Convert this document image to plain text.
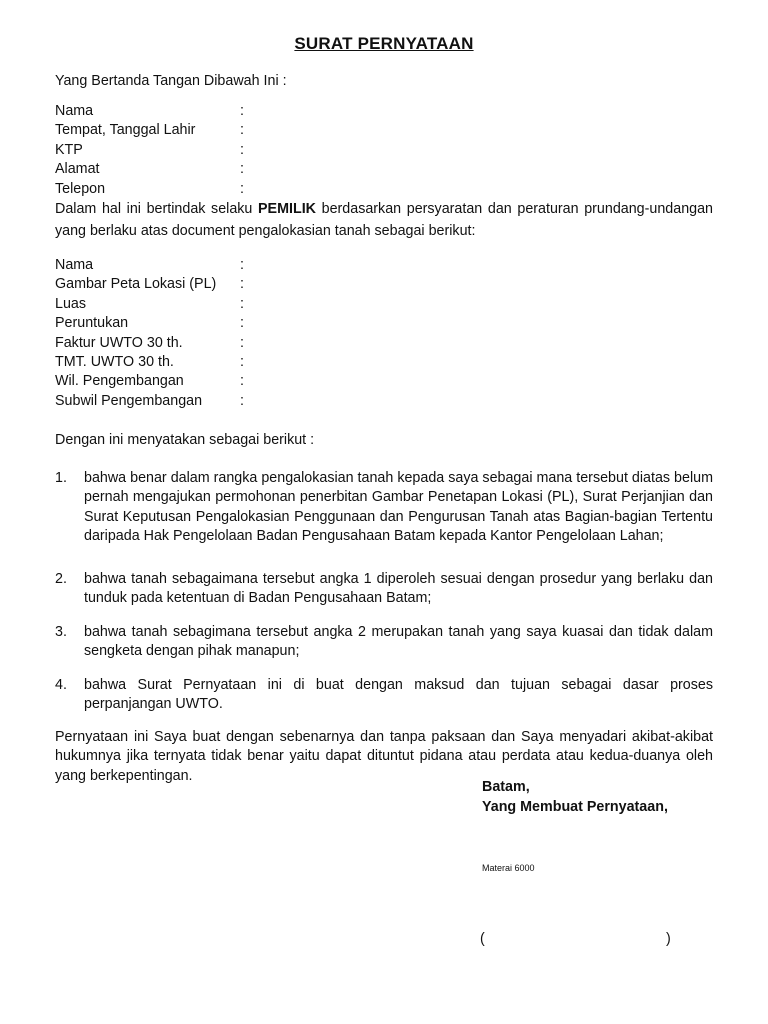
SURAT PERNYATAAN
Yang Bertanda Tangan Dibawah Ini :
Nama	:
Tempat, Tanggal Lahir	:
KTP	:
Alamat	:
Telepon	:
Dalam hal ini bertindak selaku PEMILIK berdasarkan persyaratan dan peraturan prundang-undangan yang berlaku atas document pengalokasian tanah sebagai berikut:
Nama	:
Gambar Peta Lokasi (PL)	:
Luas	:
Peruntukan	:
Faktur UWTO 30 th.	:
TMT. UWTO 30 th.	:
Wil. Pengembangan	:
Subwil Pengembangan	:
Dengan ini menyatakan sebagai berikut :
1.	bahwa benar dalam rangka pengalokasian tanah kepada saya sebagai mana tersebut diatas belum pernah mengajukan permohonan penerbitan Gambar Penetapan Lokasi (PL), Surat Perjanjian dan Surat Keputusan Pengalokasian Penggunaan dan Pengurusan Tanah atas Bagian-bagian Tertentu daripada Hak Pengelolaan Badan Pengusahaan Batam kepada Kantor Pengelolaan Lahan;
2.	bahwa tanah sebagaimana tersebut angka 1 diperoleh sesuai dengan prosedur yang berlaku dan tunduk pada ketentuan di Badan Pengusahaan Batam;
3.	bahwa tanah sebagimana tersebut angka 2 merupakan tanah yang saya kuasai dan tidak dalam sengketa dengan pihak manapun;
4.	bahwa Surat Pernyataan ini di buat dengan maksud dan tujuan sebagai dasar proses perpanjangan UWTO.
Pernyataan ini Saya buat dengan sebenarnya dan tanpa paksaan dan Saya menyadari akibat-akibat hukumnya jika ternyata tidak benar yaitu dapat dituntut pidana atau perdata atau kedua-duanya oleh yang berkepentingan.
Batam,
Yang Membuat Pernyataan,
Materai 6000
(	)
